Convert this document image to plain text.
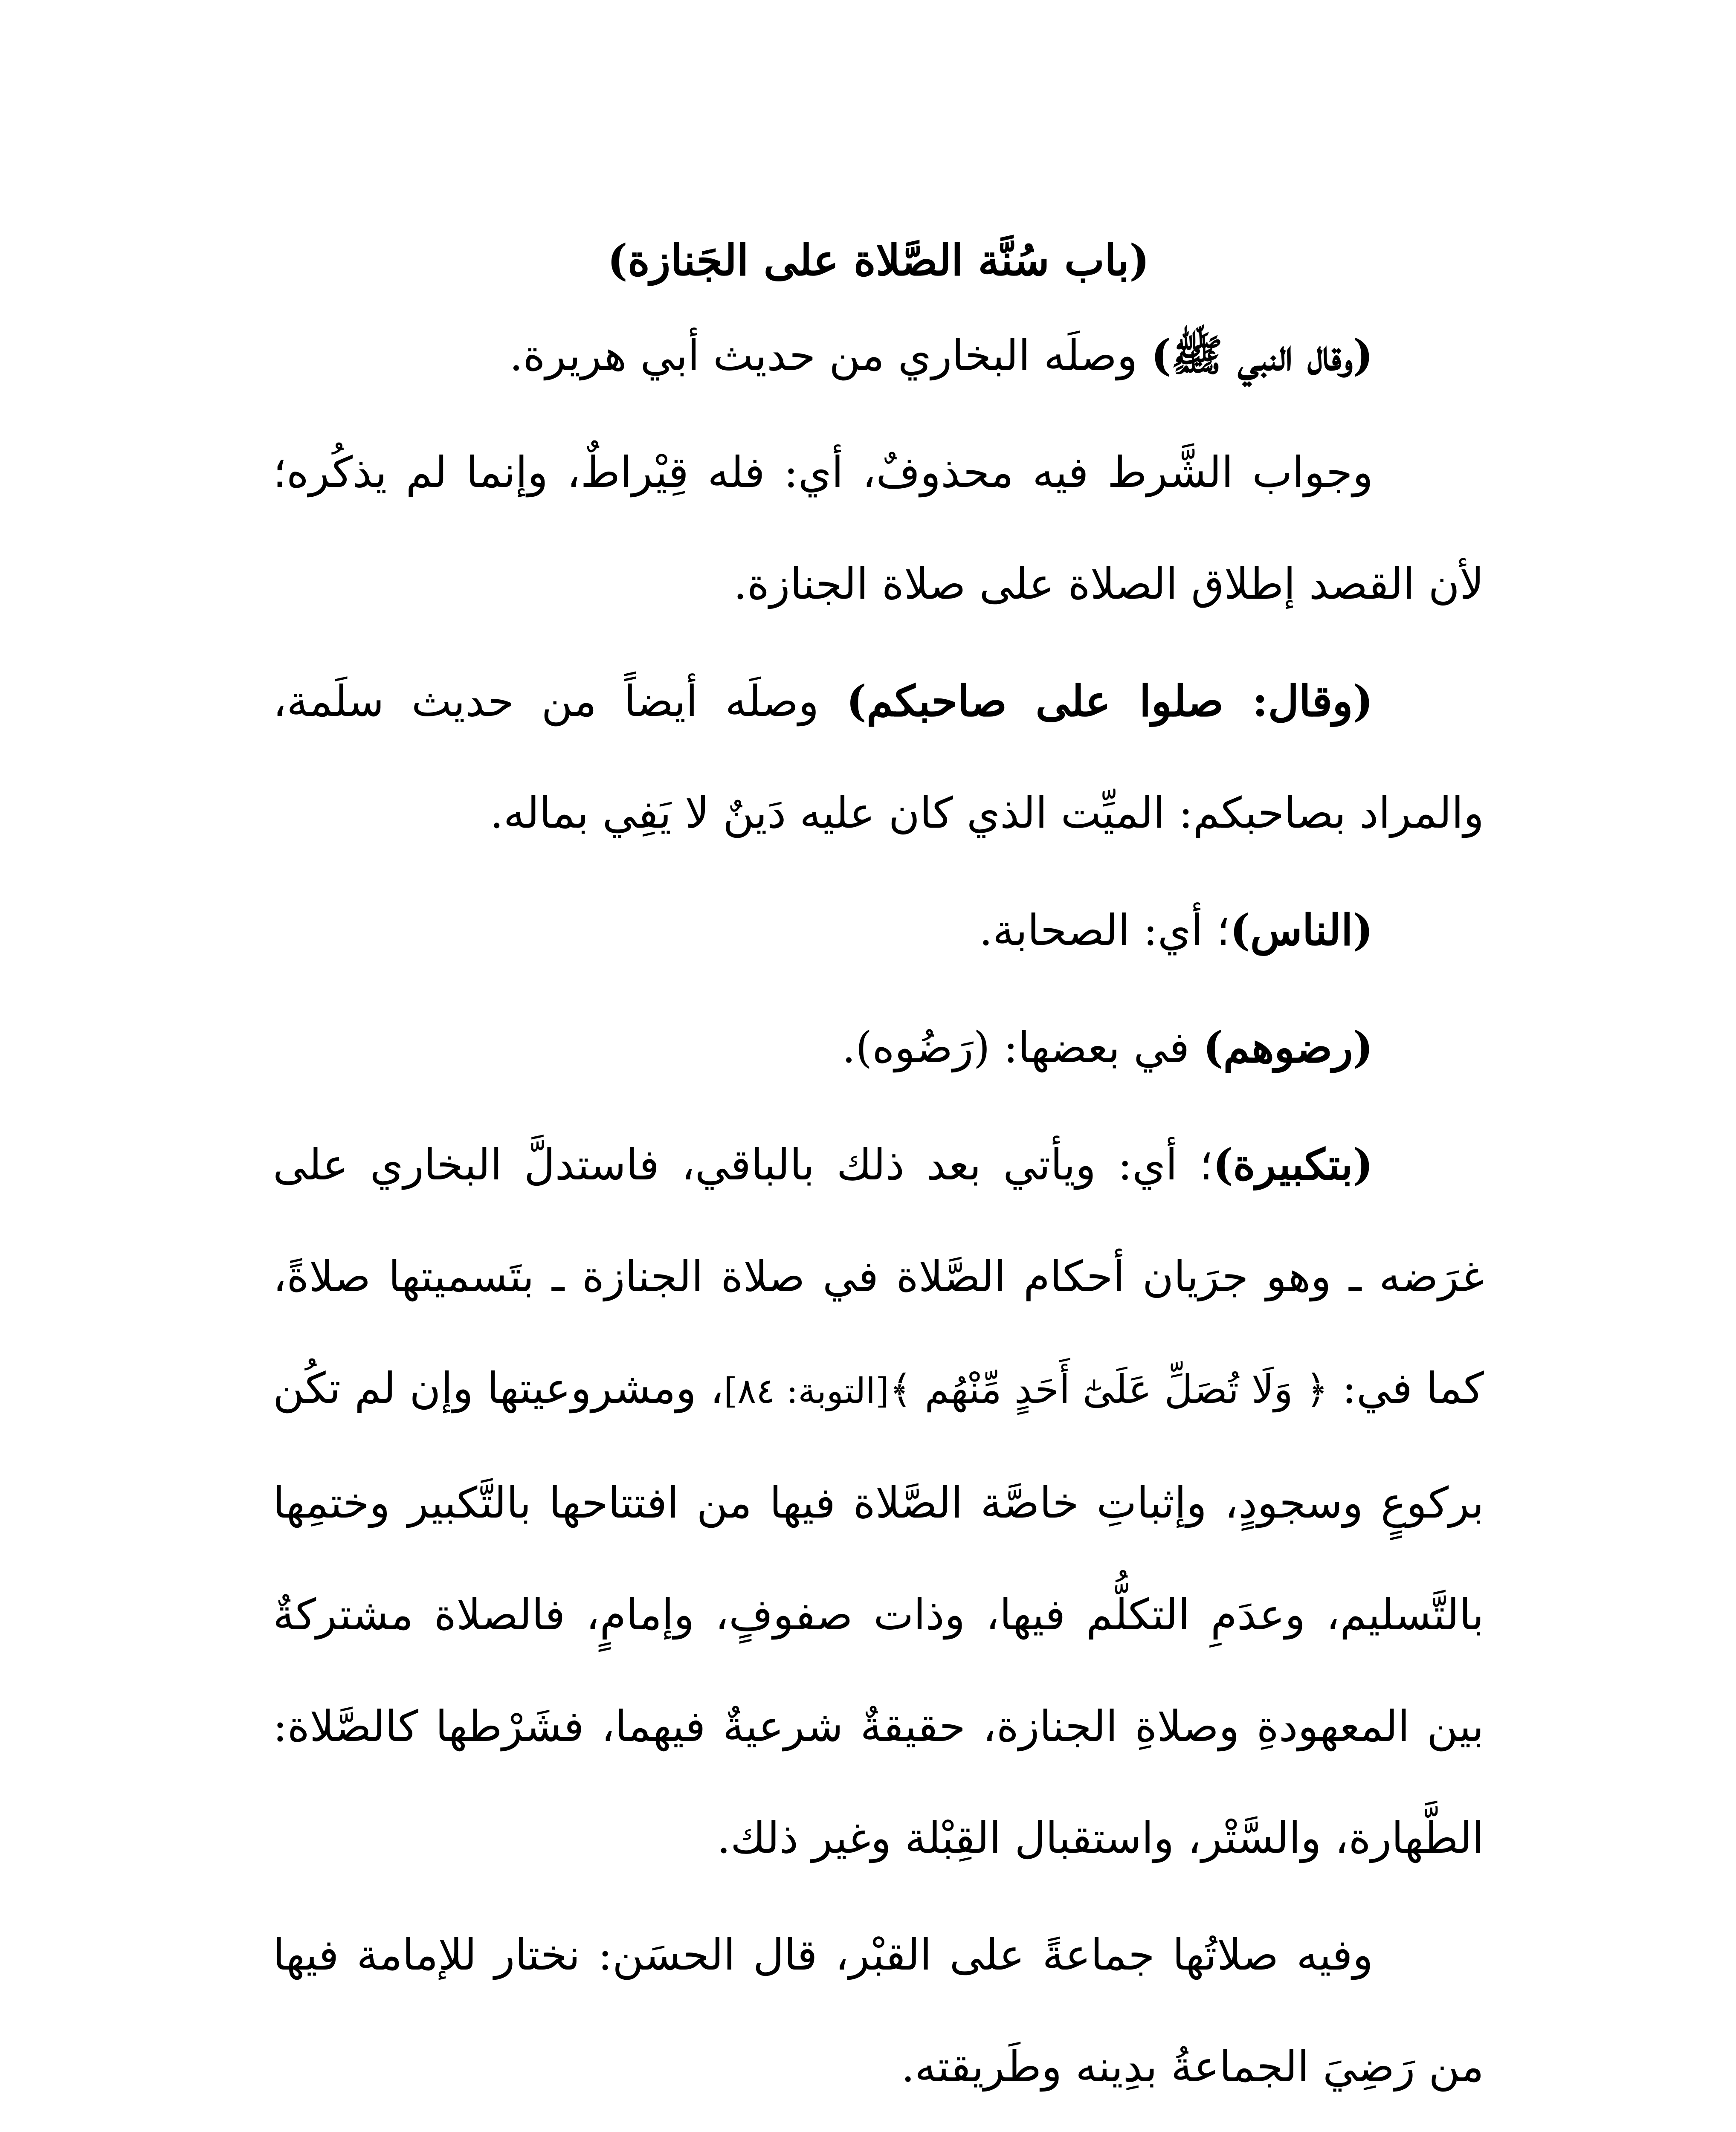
(باب سُنَّة الصَّلاة على الجَنازة)

(وقال النبي ﷺ) وصلَه البخاري من حديث أبي هريرة.

وجواب الشَّرط فيه محذوفٌ، أي: فله قِيْراطٌ، وإنما لم يذكُره؛ لأن القصد إطلاق الصلاة على صلاة الجنازة.

(وقال: صلوا على صاحبكم) وصلَه أيضاً من حديث سلَمة، والمراد بصاحبكم: الميِّت الذي كان عليه دَينٌ لا يَفِي بماله.

(الناس)؛ أي: الصحابة.

(رضوهم) في بعضها: (رَضُوه).

(بتكبيرة)؛ أي: ويأتي بعد ذلك بالباقي، فاستدلَّ البخاري على غرَضه ـ وهو جرَيان أحكام الصَّلاة في صلاة الجنازة ـ بتَسميتها صلاةً، كما في: ﴿ وَلَا تُصَلِّ عَلَىٰٓ أَحَدٍ مِّنْهُم ﴾[التوبة: ٨٤]، ومشروعيتها وإن لم تكُن بركوعٍ وسجودٍ، وإثباتِ خاصَّة الصَّلاة فيها من افتتاحها بالتَّكبير وختمِها بالتَّسليم، وعدَمِ التكلُّم فيها، وذات صفوفٍ، وإمامٍ، فالصلاة مشتركةٌ بين المعهودةِ وصلاةِ الجنازة، حقيقةٌ شرعيةٌ فيهما، فشَرْطها كالصَّلاة: الطَّهارة، والسَّتْر، واستقبال القِبْلة وغير ذلك.

وفيه صلاتُها جماعةً على القبْر، قال الحسَن: نختار للإمامة فيها من رَضِيَ الجماعةُ بدِينه وطَريقته.
